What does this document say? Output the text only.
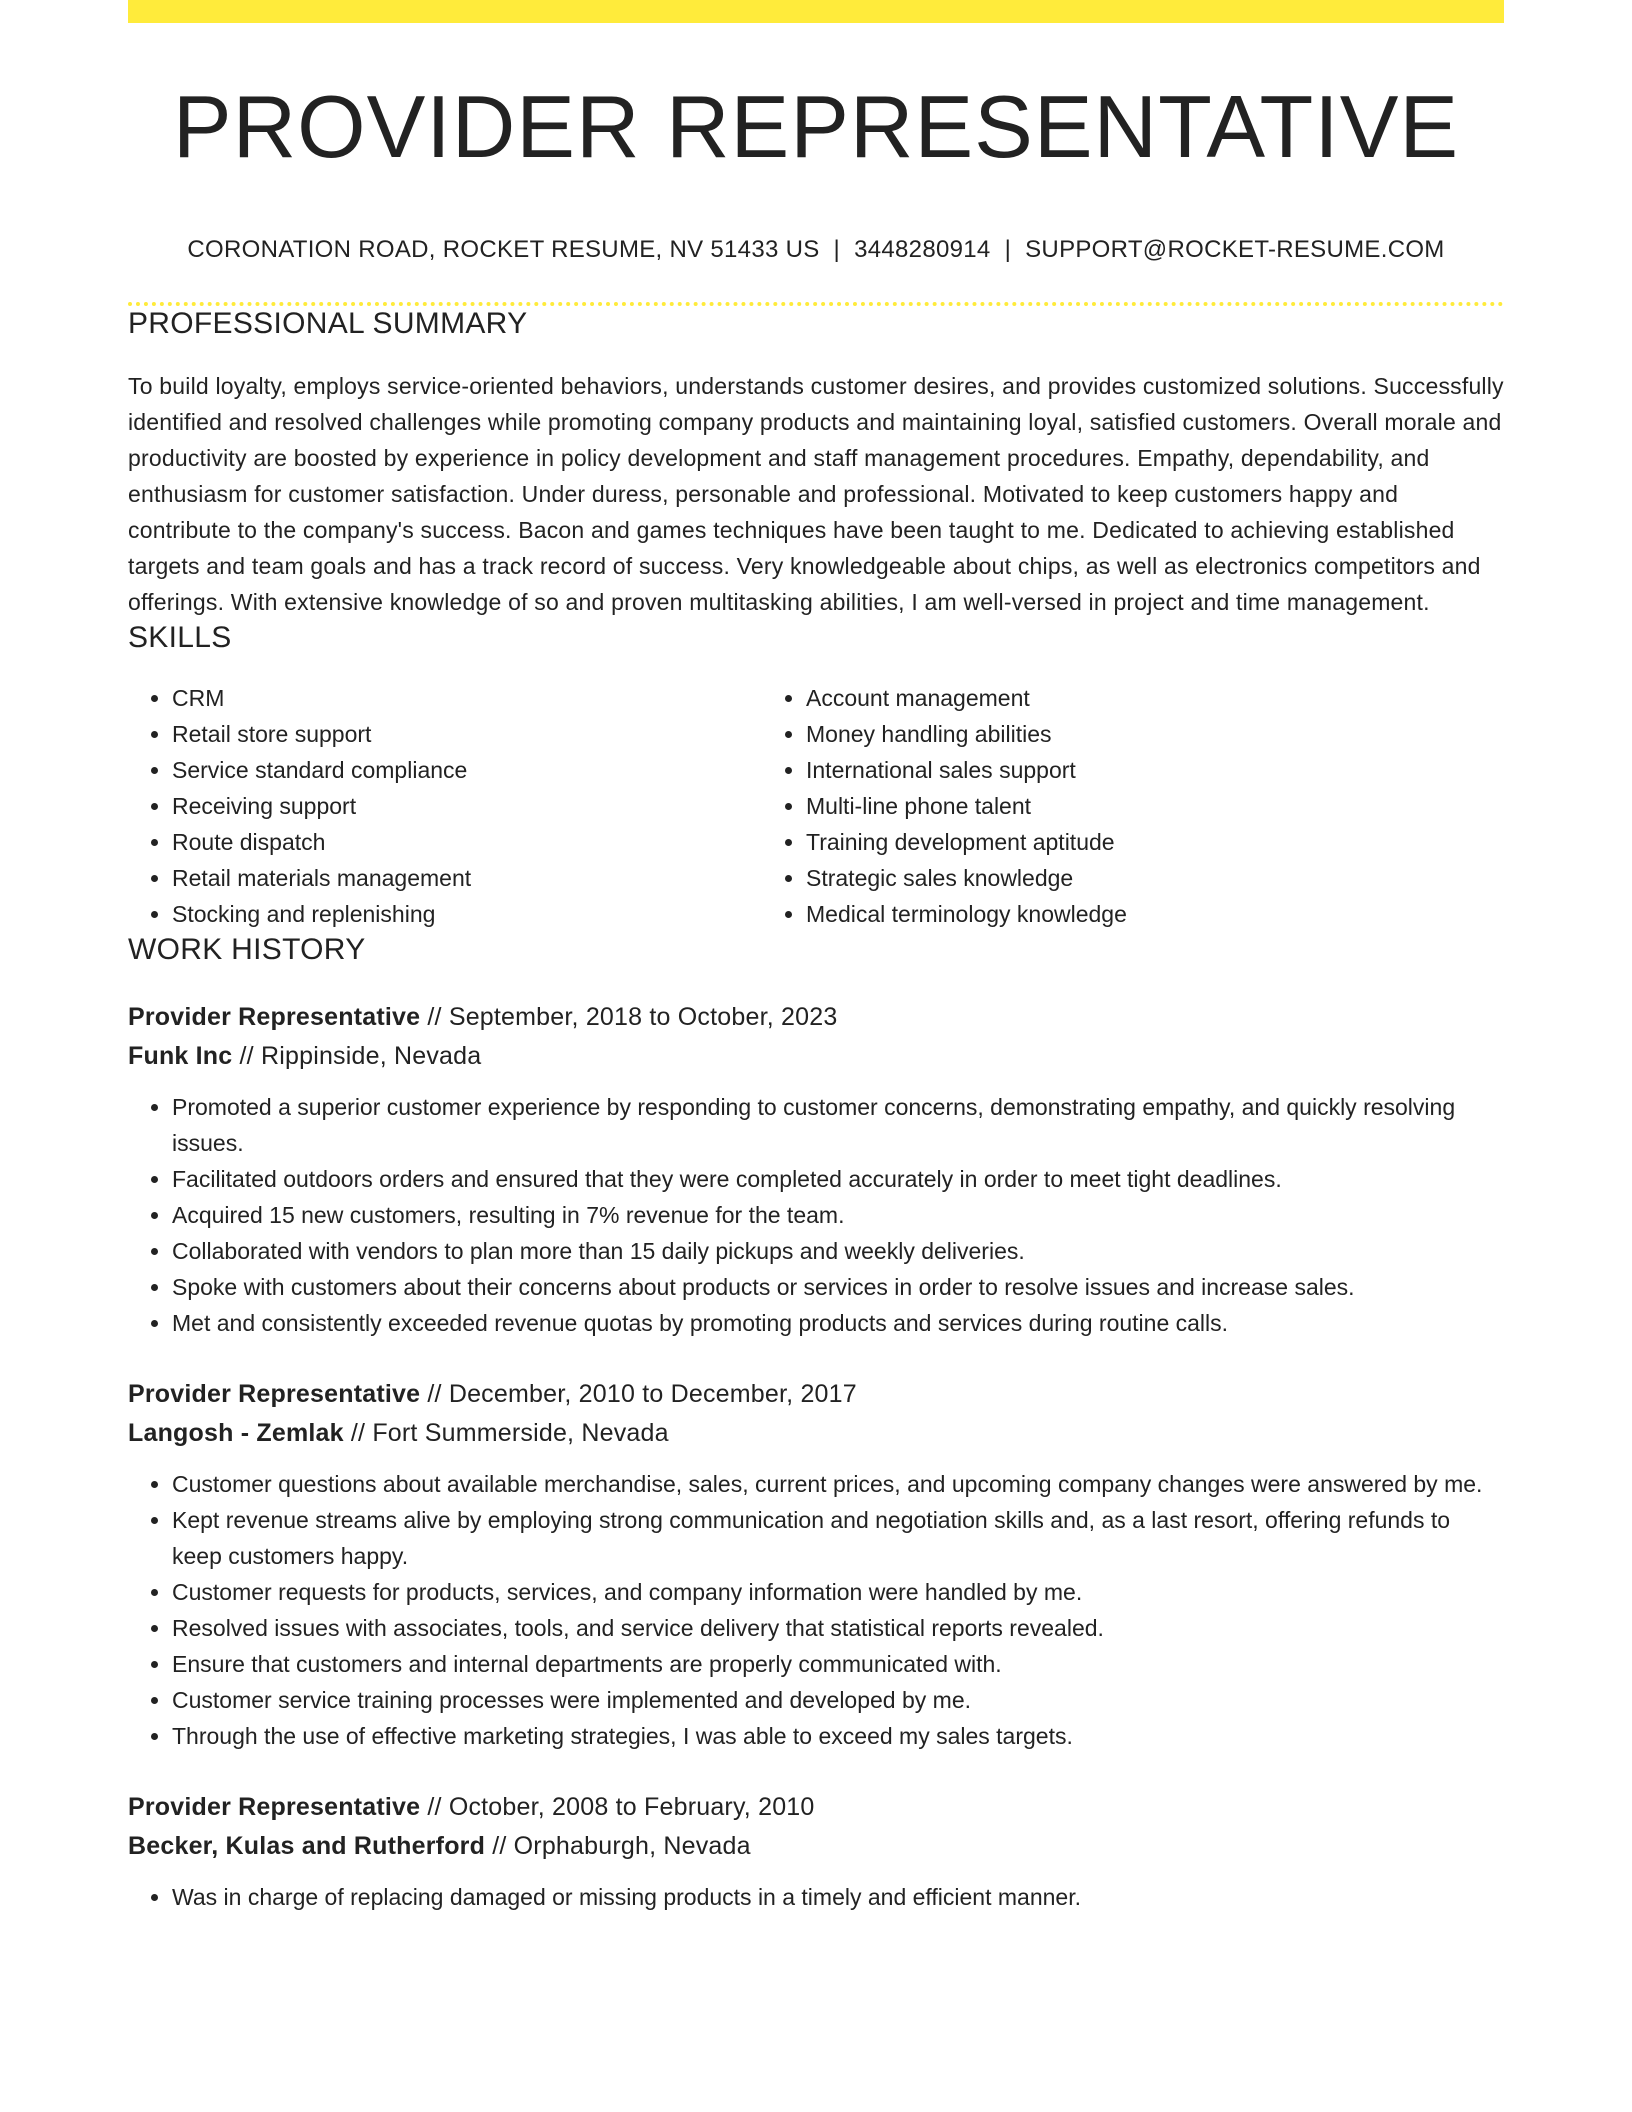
PROVIDER REPRESENTATIVE
CORONATION ROAD, ROCKET RESUME, NV 51433 US | 3448280914 | SUPPORT@ROCKET-RESUME.COM
PROFESSIONAL SUMMARY

To build loyalty, employs service-oriented behaviors, understands customer desires, and provides customized solutions. Successfully identified and resolved challenges while promoting company products and maintaining loyal, satisfied customers. Overall morale and productivity are boosted by experience in policy development and staff management procedures. Empathy, dependability, and enthusiasm for customer satisfaction. Under duress, personable and professional. Motivated to keep customers happy and contribute to the company's success. Bacon and games techniques have been taught to me. Dedicated to achieving established targets and team goals and has a track record of success. Very knowledgeable about chips, as well as electronics competitors and offerings. With extensive knowledge of so and proven multitasking abilities, I am well-versed in project and time management.

SKILLS
• CRM
• Retail store support
• Service standard compliance
• Receiving support
• Route dispatch
• Retail materials management
• Stocking and replenishing
• Account management
• Money handling abilities
• International sales support
• Multi-line phone talent
• Training development aptitude
• Strategic sales knowledge
• Medical terminology knowledge
WORK HISTORY
Provider Representative // September, 2018 to October, 2023
Funk Inc // Rippinside, Nevada
• Promoted a superior customer experience by responding to customer concerns, demonstrating empathy, and quickly resolving issues.
• Facilitated outdoors orders and ensured that they were completed accurately in order to meet tight deadlines.
• Acquired 15 new customers, resulting in 7% revenue for the team.
• Collaborated with vendors to plan more than 15 daily pickups and weekly deliveries.
• Spoke with customers about their concerns about products or services in order to resolve issues and increase sales.
• Met and consistently exceeded revenue quotas by promoting products and services during routine calls.
Provider Representative // December, 2010 to December, 2017
Langosh - Zemlak // Fort Summerside, Nevada
• Customer questions about available merchandise, sales, current prices, and upcoming company changes were answered by me.
• Kept revenue streams alive by employing strong communication and negotiation skills and, as a last resort, offering refunds to keep customers happy.
• Customer requests for products, services, and company information were handled by me.
• Resolved issues with associates, tools, and service delivery that statistical reports revealed.
• Ensure that customers and internal departments are properly communicated with.
• Customer service training processes were implemented and developed by me.
• Through the use of effective marketing strategies, I was able to exceed my sales targets.
Provider Representative // October, 2008 to February, 2010
Becker, Kulas and Rutherford // Orphaburgh, Nevada
• Was in charge of replacing damaged or missing products in a timely and efficient manner.
